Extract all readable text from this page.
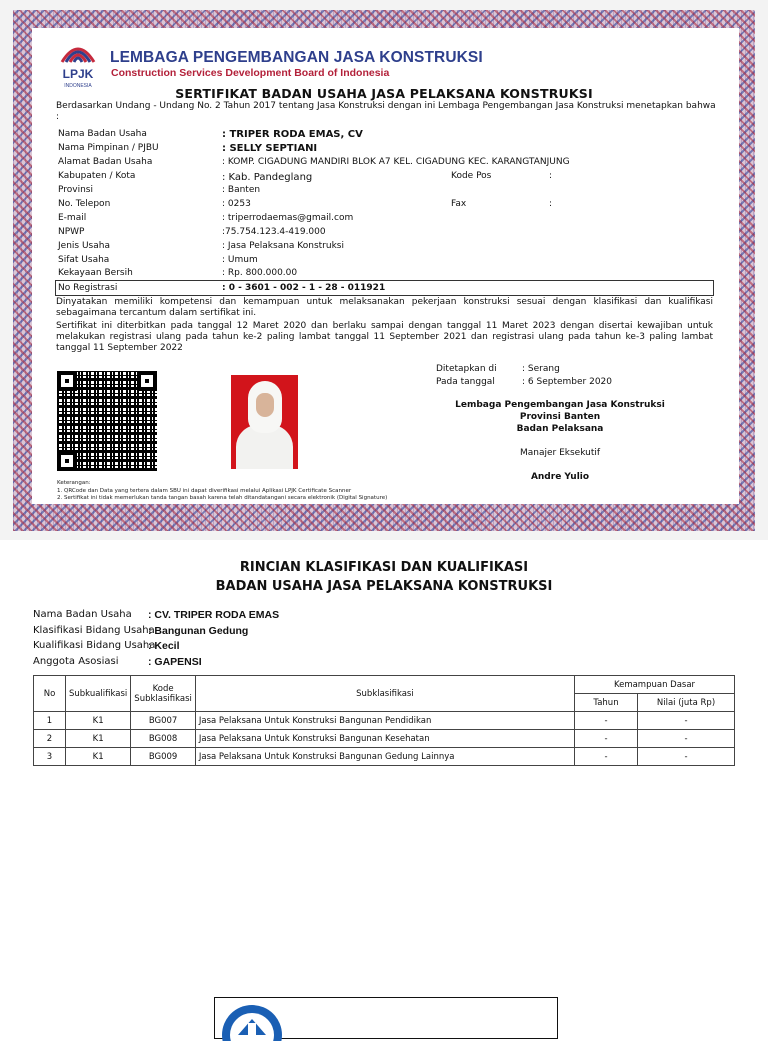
LPJK
INDONESIA
LEMBAGA PENGEMBANGAN JASA KONSTRUKSI
Construction Services Development Board of Indonesia
SERTIFIKAT BADAN USAHA JASA PELAKSANA KONSTRUKSI
Berdasarkan Undang - Undang No. 2 Tahun 2017 tentang Jasa Konstruksi dengan ini Lembaga Pengembangan Jasa Konstruksi menetapkan bahwa :
Nama Badan Usaha	: TRIPER RODA EMAS, CV
Nama Pimpinan / PJBU	: SELLY SEPTIANI
Alamat Badan Usaha	: KOMP. CIGADUNG MANDIRI BLOK A7 KEL. CIGADUNG KEC. KARANGTANJUNG
Kabupaten / Kota	: Kab. Pandeglang	Kode Pos	:
Provinsi	: Banten
No. Telepon	: 0253	Fax	:
E-mail	: triperrodaemas@gmail.com
NPWP	:75.754.123.4-419.000
Jenis Usaha	: Jasa Pelaksana Konstruksi
Sifat Usaha	: Umum
Kekayaan Bersih	: Rp. 800.000.00
No Registrasi	: 0 - 3601 - 002 - 1 - 28 - 011921
Dinyatakan memiliki kompetensi dan kemampuan untuk melaksanakan pekerjaan konstruksi sesuai dengan klasifikasi dan kualifikasi sebagaimana tercantum dalam sertifikat ini.
Sertifikat ini diterbitkan pada tanggal 12 Maret 2020 dan berlaku sampai dengan tanggal 11 Maret 2023 dengan disertai kewajiban untuk melakukan registrasi ulang pada tahun ke-2 paling lambat tanggal 11 September 2021 dan registrasi ulang pada tahun ke-3 paling lambat tanggal 11 September 2022
Ditetapkan di	: Serang
Pada tanggal	: 6 September 2020
Lembaga Pengembangan Jasa Konstruksi
Provinsi Banten
Badan Pelaksana
Manajer Eksekutif
Andre Yulio
Keterangan:
1. QRCode dan Data yang tertera dalam SBU ini dapat diverifikasi melalui Aplikasi LPJK Certificate Scanner
2. Sertifikat ini tidak memerlukan tanda tangan basah karena telah ditandatangani secara elektronik (Digital Signature)
RINCIAN KLASIFIKASI DAN KUALIFIKASI
BADAN USAHA JASA PELAKSANA KONSTRUKSI
Nama Badan Usaha : CV. TRIPER RODA EMAS
Klasifikasi Bidang Usaha
: Bangunan Gedung
Kualifikasi Bidang Usaha
: Kecil
Anggota Asosiasi	: GAPENSI
No	Subkualifikasi	Kode Subklasifikasi	Subklasifikasi	Kemampuan Dasar	
				Tahun	Nilai (juta Rp)
1	K1	BG007	Jasa Pelaksana Untuk Konstruksi Bangunan Pendidikan	-	-
2	K1	BG008	Jasa Pelaksana Untuk Konstruksi Bangunan Kesehatan	-	-
3	K1	BG009	Jasa Pelaksana Untuk Konstruksi Bangunan Gedung Lainnya	-	-
